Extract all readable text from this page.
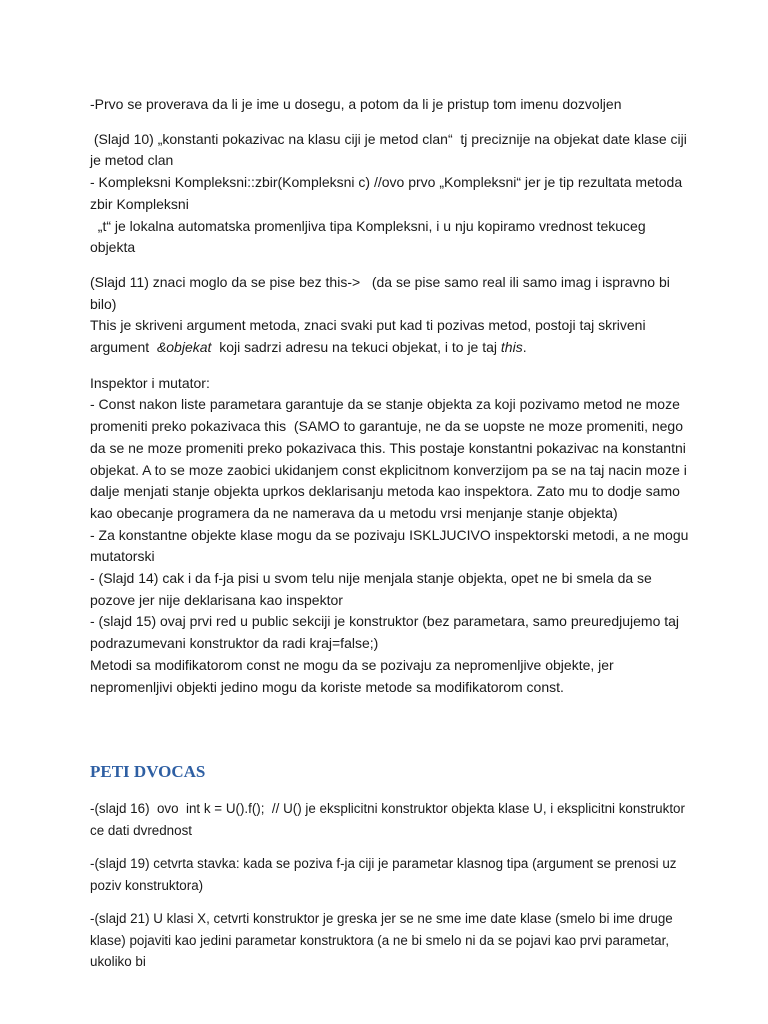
-Prvo se proverava da li je ime u dosegu, a potom da li je pristup tom imenu dozvoljen

(Slajd 10) „konstanti pokazivac na klasu ciji je metod clan“  tj preciznije na objekat date klase ciji je metod clan

- Kompleksni Kompleksni::zbir(Kompleksni c) //ovo prvo „Kompleksni“ jer je tip rezultata metoda zbir Kompleksni

„t“ je lokalna automatska promenljiva tipa Kompleksni, i u nju kopiramo vrednost tekuceg objekta

(Slajd 11) znaci moglo da se pise bez this->   (da se pise samo real ili samo imag i ispravno bi bilo)

This je skriveni argument metoda, znaci svaki put kad ti pozivas metod, postoji taj skriveni argument  &objekat  koji sadrzi adresu na tekuci objekat, i to je taj this.

Inspektor i mutator:

- Const nakon liste parametara garantuje da se stanje objekta za koji pozivamo metod ne moze promeniti preko pokazivaca this  (SAMO to garantuje, ne da se uopste ne moze promeniti, nego da se ne moze promeniti preko pokazivaca this. This postaje konstantni pokazivac na konstantni objekat. A to se moze zaobici ukidanjem const ekplicitnom konverzijom pa se na taj nacin moze i dalje menjati stanje objekta uprkos deklarisanju metoda kao inspektora. Zato mu to dodje samo kao obecanje programera da ne namerava da u metodu vrsi menjanje stanje objekta)

- Za konstantne objekte klase mogu da se pozivaju ISKLJUCIVO inspektorski metodi, a ne mogu mutatorski

- (Slajd 14) cak i da f-ja pisi u svom telu nije menjala stanje objekta, opet ne bi smela da se pozove jer nije deklarisana kao inspektor

- (slajd 15) ovaj prvi red u public sekciji je konstruktor (bez parametara, samo preuredjujemo taj podrazumevani konstruktor da radi kraj=false;)

Metodi sa modifikatorom const ne mogu da se pozivaju za nepromenljive objekte, jer nepromenljivi objekti jedino mogu da koriste metode sa modifikatorom const.

PETI DVOCAS

-(slajd 16)  ovo  int k = U().f();  // U() je eksplicitni konstruktor objekta klase U, i eksplicitni konstruktor ce dati dvrednost

-(slajd 19) cetvrta stavka: kada se poziva f-ja ciji je parametar klasnog tipa (argument se prenosi uz poziv konstruktora)

-(slajd 21) U klasi X, cetvrti konstruktor je greska jer se ne sme ime date klase (smelo bi ime druge klase) pojaviti kao jedini parametar konstruktora (a ne bi smelo ni da se pojavi kao prvi parametar, ukoliko bi
